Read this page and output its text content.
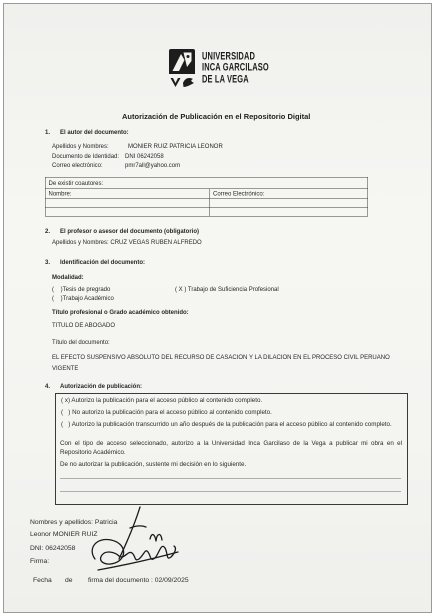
UNIVERSIDAD
INCA GARCILASO
DE LA VEGA
Autorización de Publicación en el Repositorio Digital
1. El autor del documento:
Apellidos y Nombres: MONIER RUIZ PATRICIA LEONOR
Documento de Identidad: DNI 06242058
Correo electrónico: pmr7all@yahoo.com
De existir coautores:	
Nombre:	Correo Electrónico:

2. El profesor o asesor del documento (obligatorio)
Apellidos y Nombres: CRUZ VEGAS RUBEN ALFREDO
3. Identificación del documento:
Modalidad:
(    )Tesis de pregrado	( X ) Trabajo de Suficiencia Profesional
(    )Trabajo Académico
Título profesional o Grado académico obtenido:
TITULO DE ABOGADO
Título del documento:
EL EFECTO SUSPENSIVO ABSOLUTO DEL RECURSO DE CASACION Y LA DILACION EN EL PROCESO CIVIL PERUANO VIGENTE
4. Autorización de publicación:
( x) Autorizo la publicación para el acceso público al contenido completo.
(   ) No autorizo la publicación para el acceso público al contenido completo.
(   ) Autorizo la publicación transcurrido un año después de la publicación para el acceso público al contenido completo.
Con el tipo de acceso seleccionado, autorizo a la Universidad Inca Garcilaso de la Vega a publicar mi obra en el
Repositorio Académico.
De no autorizar la publicación, sustente mi decisión en lo siguiente.
Nombres y apellidos: Patricia
Leonor MONIER RUIZ
DNI: 06242058
Firma:
Fecha de firma del documento : 02/09/2025
